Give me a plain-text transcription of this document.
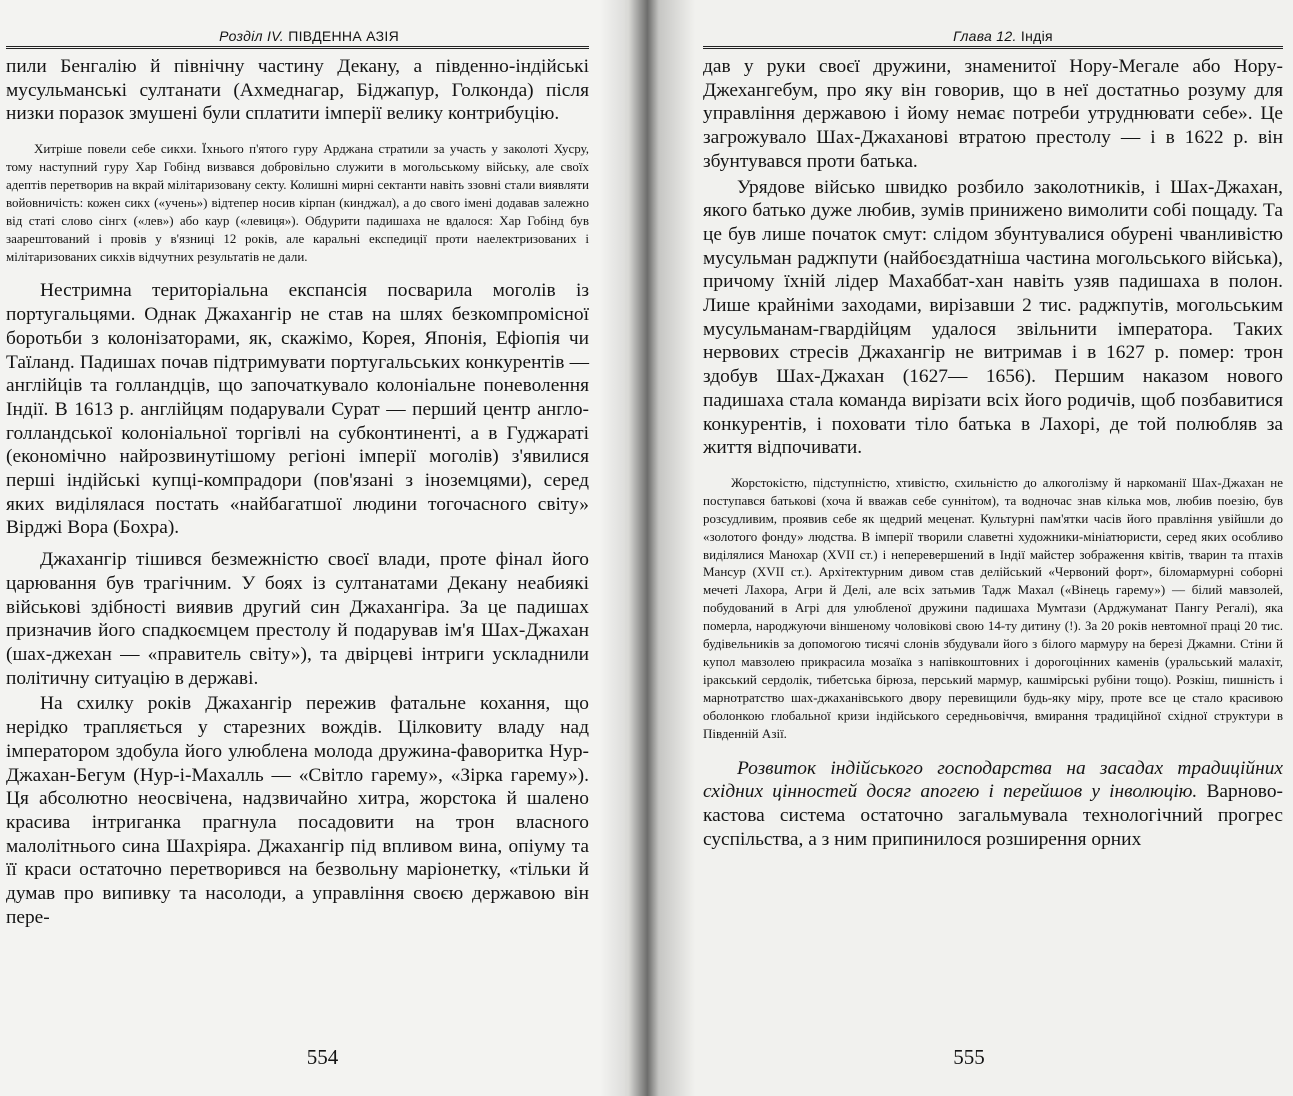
Розділ IV. ПІВДЕННА АЗІЯ

пили Бенгалію й північну частину Декану, а південно-індійські мусульманські султанати (Ахмеднагар, Біджапур, Голконда) після низки поразок змушені були сплатити імперії велику контрибуцію.

Хитріше повели себе сикхи. Їхнього п'ятого гуру Арджана стратили за участь у заколоті Хусру, тому наступний гуру Хар Гобінд визвався добровільно служити в могольському війську, але своїх адептів перетворив на вкрай мілітаризовану секту. Колишні мирні сектанти навіть ззовні стали виявляти войовничість: кожен сикх («учень») відтепер носив кірпан (кинджал), а до свого імені додавав залежно від статі слово сінгх («лев») або каур («левиця»). Обдурити падишаха не вдалося: Хар Гобінд був заарештований і провів у в'язниці 12 років, але каральні експедиції проти наелектризованих і мілітаризованих сикхів відчутних результатів не дали.

Нестримна територіальна експансія посварила моголів із португальцями. Однак Джахангір не став на шлях безкомпромісної боротьби з колонізаторами, як, скажімо, Корея, Японія, Ефіопія чи Таїланд. Падишах почав підтримувати португальських конкурентів — англійців та голландців, що започаткувало колоніальне поневолення Індії. В 1613 р. англійцям подарували Сурат — перший центр англо-голландської колоніальної торгівлі на субконтиненті, а в Гуджараті (економічно найрозвинутішому регіоні імперії моголів) з'явилися перші індійські купці-компрадори (пов'язані з іноземцями), серед яких виділялася постать «найбагатшої людини тогочасного світу» Вірджі Вора (Бохра).

Джахангір тішився безмежністю своєї влади, проте фінал його царювання був трагічним. У боях із султанатами Декану неабиякі військові здібності виявив другий син Джахангіра. За це падишах призначив його спадкоємцем престолу й подарував ім'я Шах-Джахан (шах-джехан — «правитель світу»), та двірцеві інтриги ускладнили політичну ситуацію в державі.

На схилку років Джахангір пережив фатальне кохання, що нерідко трапляється у старезних вождів. Цілковиту владу над імператором здобула його улюблена молода дружина-фаворитка Нур-Джахан-Бегум (Нур-і-Махалль — «Світло гарему», «Зірка гарему»). Ця абсолютно неосвічена, надзвичайно хитра, жорстока й шалено красива інтриганка прагнула посадовити на трон власного малолітнього сина Шахріяра. Джахангір під впливом вина, опіуму та її краси остаточно перетворився на безвольну маріонетку, «тільки й думав про випивку та насолоди, а управління своєю державою він пере-

554
Глава 12. Індія

дав у руки своєї дружини, знаменитої Нору-Мегале або Нору-Джехангебум, про яку він говорив, що в неї достатньо розуму для управління державою і йому немає потреби утруднювати себе». Це загрожувало Шах-Джаханові втратою престолу — і в 1622 р. він збунтувався проти батька.

Урядове військо швидко розбило заколотників, і Шах-Джахан, якого батько дуже любив, зумів принижено вимолити собі пощаду. Та це був лише початок смут: слідом збунтувалися обурені чванливістю мусульман раджпути (найбоєздатніша частина могольського війська), причому їхній лідер Махаббат-хан навіть узяв падишаха в полон. Лише крайніми заходами, вирізавши 2 тис. раджпутів, могольським мусульманам-гвардійцям удалося звільнити імператора. Таких нервових стресів Джахангір не витримав і в 1627 р. помер: трон здобув Шах-Джахан (1627— 1656). Першим наказом нового падишаха стала команда вирізати всіх його родичів, щоб позбавитися конкурентів, і поховати тіло батька в Лахорі, де той полюбляв за життя відпочивати.

Жорстокістю, підступністю, хтивістю, схильністю до алкоголізму й наркоманії Шах-Джахан не поступався батькові (хоча й вважав себе суннітом), та водночас знав кілька мов, любив поезію, був розсудливим, проявив себе як щедрий меценат. Культурні пам'ятки часів його правління увійшли до «золотого фонду» людства. В імперії творили славетні художники-мініатюристи, серед яких особливо виділялися Манохар (XVII ст.) і неперевершений в Індії майстер зображення квітів, тварин та птахів Мансур (XVII ст.). Архітектурним дивом став делійський «Червоний форт», біломармурні соборні мечеті Лахора, Агри й Делі, але всіх затьмив Тадж Махал («Вінець гарему») — білий мавзолей, побудований в Агрі для улюбленої дружини падишаха Мумтази (Арджуманат Пангу Регалі), яка померла, народжуючи віншеномy чоловікові свою 14-ту дитину (!). За 20 років невтомної праці 20 тис. будівельників за допомогою тисячі слонів збудували його з білого мармуру на березі Джамни. Стіни й купол мавзолею прикрасила мозаїка з напівкоштовних і дорогоцінних каменів (уральський малахіт, іракський сердолік, тибетська бірюза, перський мармур, кашмірські рубіни тощо). Розкіш, пишність і марнотратство шах-джаханівського двору перевищили будь-яку міру, проте все це стало красивою оболонкою глобальної кризи індійського середньовіччя, вмирання традиційної східної структури в Південній Азії.

Розвиток індійського господарства на засадах традиційних східних цінностей досяг апогею і перейшов у інволюцію. Варново-кастова система остаточно загальмувала технологічний прогрес суспільства, а з ним припинилося розширення орних

555
